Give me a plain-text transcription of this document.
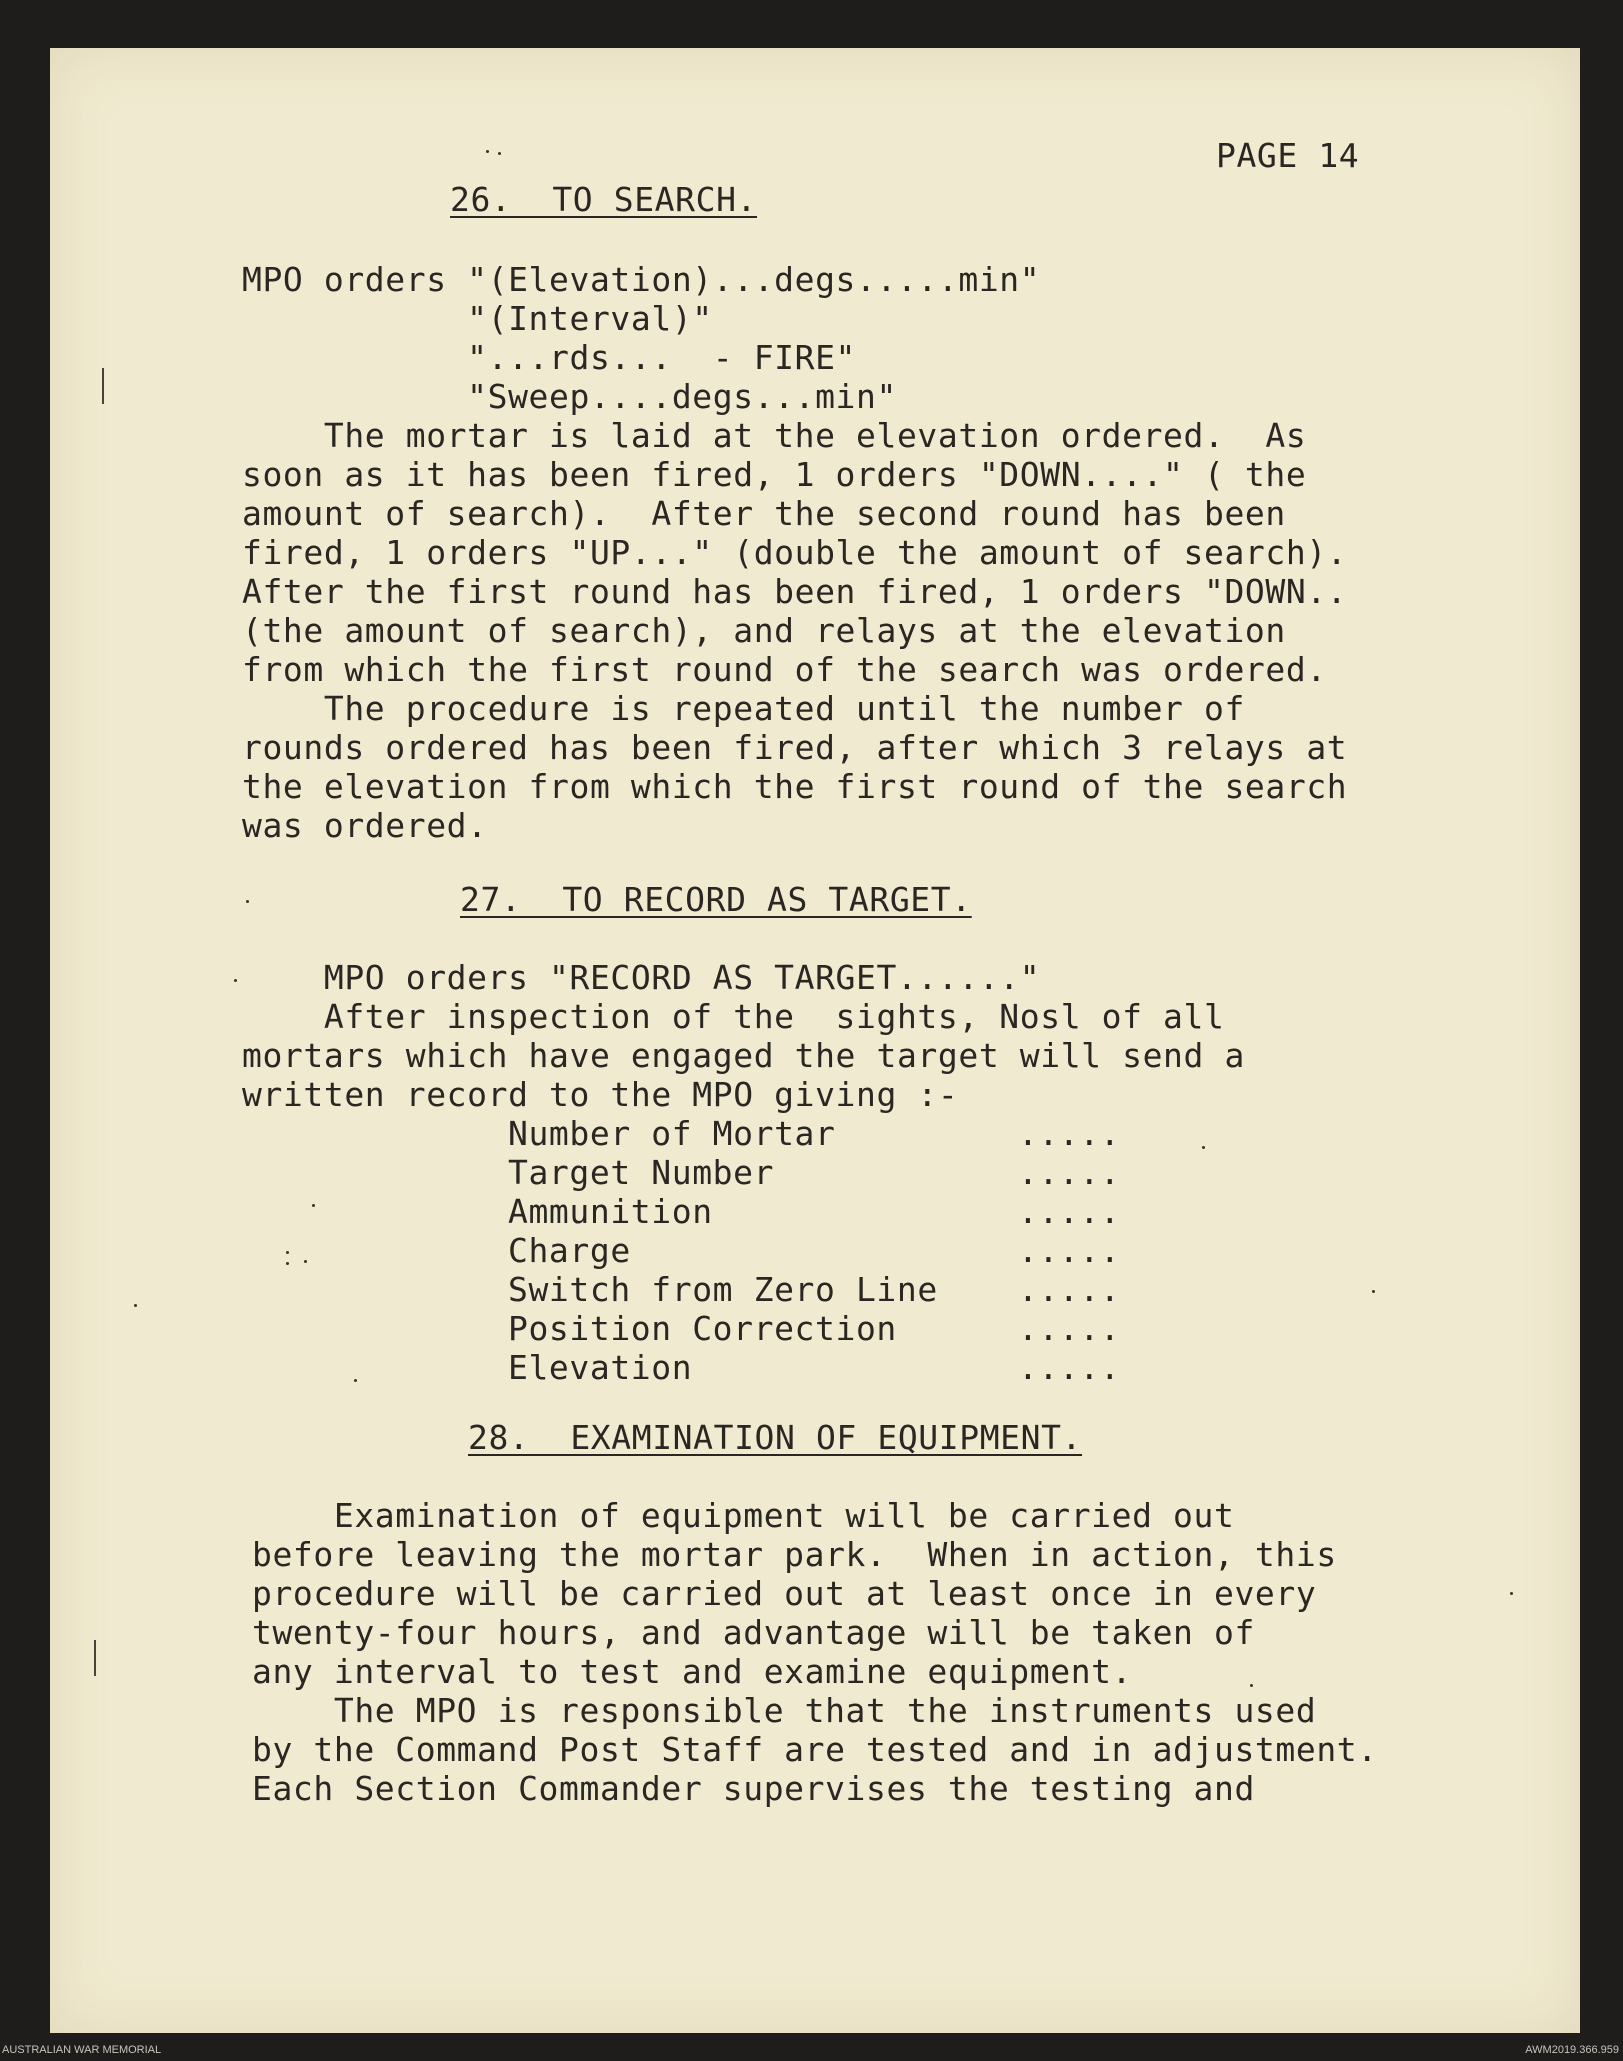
PAGE 14
26.  TO SEARCH.
MPO orders "(Elevation)...degs.....min"
"(Interval)"
"...rds...  - FIRE"
"Sweep....degs...min"
The mortar is laid at the elevation ordered.  As
soon as it has been fired, 1 orders "DOWN...." ( the
amount of search).  After the second round has been
fired, 1 orders "UP..." (double the amount of search).
After the first round has been fired, 1 orders "DOWN..
(the amount of search), and relays at the elevation
from which the first round of the search was ordered.
The procedure is repeated until the number of
rounds ordered has been fired, after which 3 relays at
the elevation from which the first round of the search
was ordered.
27.  TO RECORD AS TARGET.
MPO orders "RECORD AS TARGET......"
After inspection of the  sights, Nosl of all
mortars which have engaged the target will send a
written record to the MPO giving :-
Number of Mortar	.....
Target Number	.....
Ammunition	.....
Charge	.....
Switch from Zero Line .....
Position Correction	.....
Elevation	.....
28.  EXAMINATION OF EQUIPMENT.
Examination of equipment will be carried out
before leaving the mortar park.  When in action, this
procedure will be carried out at least once in every
twenty-four hours, and advantage will be taken of
any interval to test and examine equipment.
The MPO is responsible that the instruments used
by the Command Post Staff are tested and in adjustment.
Each Section Commander supervises the testing and
AUSTRALIAN WAR MEMORIAL	AWM2019.366.959
